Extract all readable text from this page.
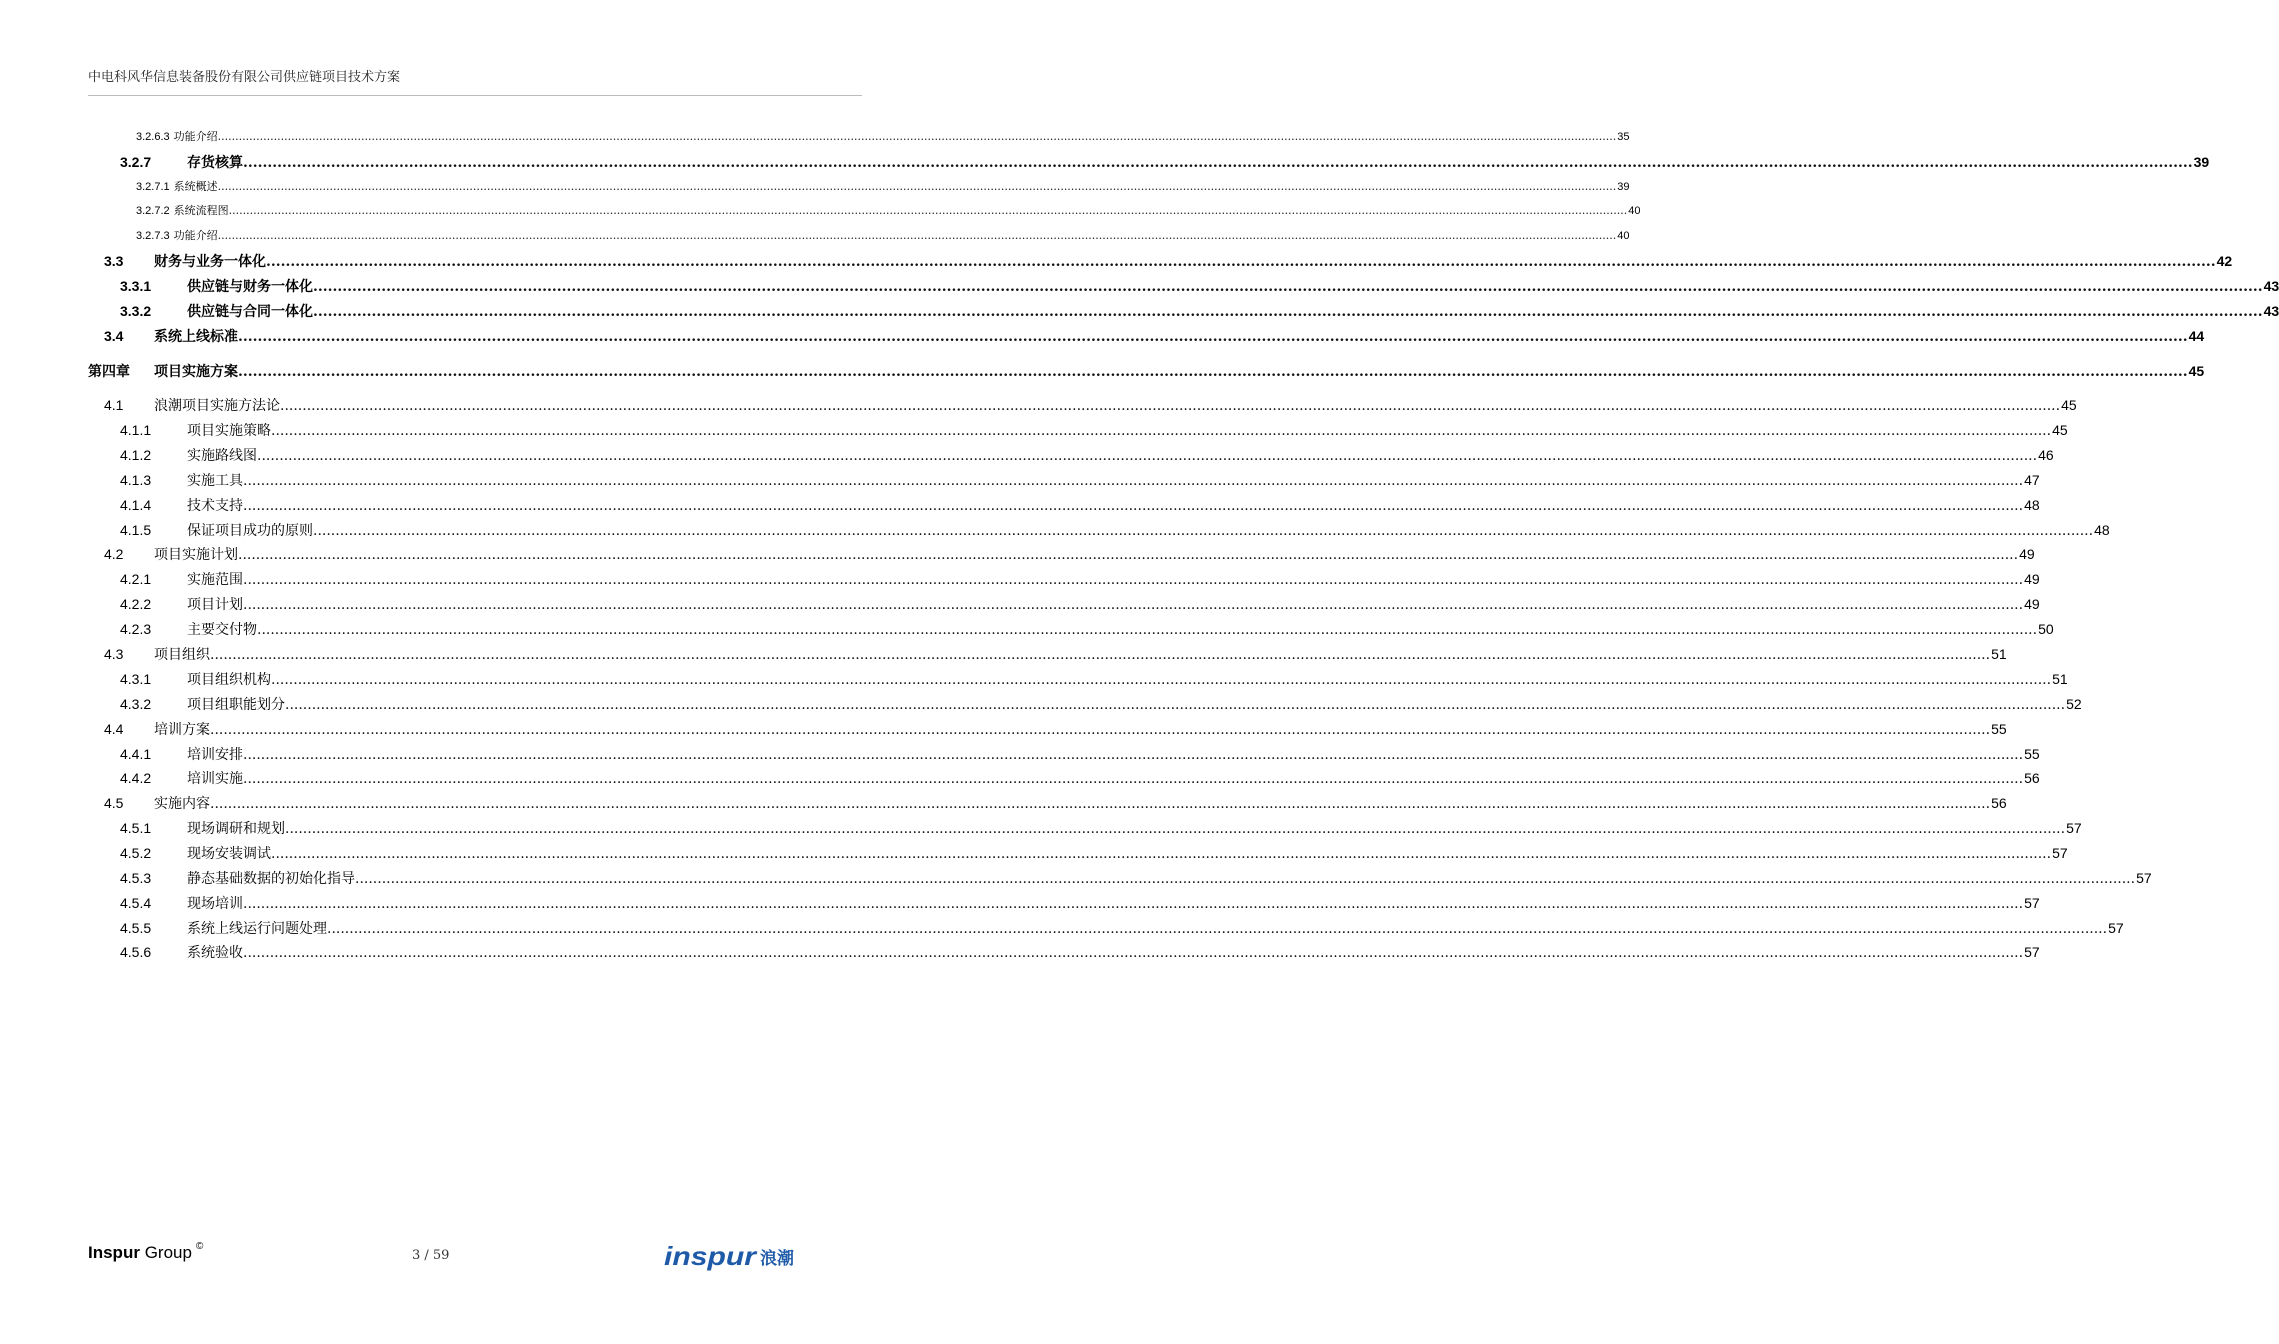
中电科风华信息装备股份有限公司供应链项目技术方案
3.2.6.3 功能介绍 ................................................................................................................................................................................................................................................................................................................................................................................................................ 35
3.2.7	存货核算 ................................................................................................................................................................................................................................................................................................................................................................................................................ 39
3.2.7.1 系统概述 ................................................................................................................................................................................................................................................................................................................................................................................................................ 39
3.2.7.2 系统流程图 ................................................................................................................................................................................................................................................................................................................................................................................................................ 40
3.2.7.3 功能介绍 ................................................................................................................................................................................................................................................................................................................................................................................................................ 40
3.3 财务与业务一体化 ................................................................................................................................................................................................................................................................................................................................................................................................................ 42
3.3.1	供应链与财务一体化 ................................................................................................................................................................................................................................................................................................................................................................................................................ 43
3.3.2	供应链与合同一体化 ................................................................................................................................................................................................................................................................................................................................................................................................................ 43
3.4 系统上线标准 ................................................................................................................................................................................................................................................................................................................................................................................................................ 44
第四章 项目实施方案 ................................................................................................................................................................................................................................................................................................................................................................................................................ 45
4.1 浪潮项目实施方法论 ................................................................................................................................................................................................................................................................................................................................................................................................................ 45
4.1.1	项目实施策略 ................................................................................................................................................................................................................................................................................................................................................................................................................ 45
4.1.2	实施路线图 ................................................................................................................................................................................................................................................................................................................................................................................................................ 46
4.1.3	实施工具 ................................................................................................................................................................................................................................................................................................................................................................................................................ 47
4.1.4	技术支持 ................................................................................................................................................................................................................................................................................................................................................................................................................ 48
4.1.5	保证项目成功的原则 ................................................................................................................................................................................................................................................................................................................................................................................................................ 48
4.2 项目实施计划 ................................................................................................................................................................................................................................................................................................................................................................................................................ 49
4.2.1	实施范围 ................................................................................................................................................................................................................................................................................................................................................................................................................ 49
4.2.2	项目计划 ................................................................................................................................................................................................................................................................................................................................................................................................................ 49
4.2.3	主要交付物 ................................................................................................................................................................................................................................................................................................................................................................................................................ 50
4.3 项目组织 ................................................................................................................................................................................................................................................................................................................................................................................................................ 51
4.3.1	项目组织机构 ................................................................................................................................................................................................................................................................................................................................................................................................................ 51
4.3.2	项目组职能划分 ................................................................................................................................................................................................................................................................................................................................................................................................................ 52
4.4 培训方案 ................................................................................................................................................................................................................................................................................................................................................................................................................ 55
4.4.1	培训安排 ................................................................................................................................................................................................................................................................................................................................................................................................................ 55
4.4.2	培训实施 ................................................................................................................................................................................................................................................................................................................................................................................................................ 56
4.5 实施内容 ................................................................................................................................................................................................................................................................................................................................................................................................................ 56
4.5.1	现场调研和规划 ................................................................................................................................................................................................................................................................................................................................................................................................................ 57
4.5.2	现场安装调试 ................................................................................................................................................................................................................................................................................................................................................................................................................ 57
4.5.3	静态基础数据的初始化指导 ................................................................................................................................................................................................................................................................................................................................................................................................................ 57
4.5.4	现场培训 ................................................................................................................................................................................................................................................................................................................................................................................................................ 57
4.5.5	系统上线运行问题处理 ................................................................................................................................................................................................................................................................................................................................................................................................................ 57
4.5.6	系统验收 ................................................................................................................................................................................................................................................................................................................................................................................................................ 57
Inspur Group ©
3 / 59	inspur 浪潮
